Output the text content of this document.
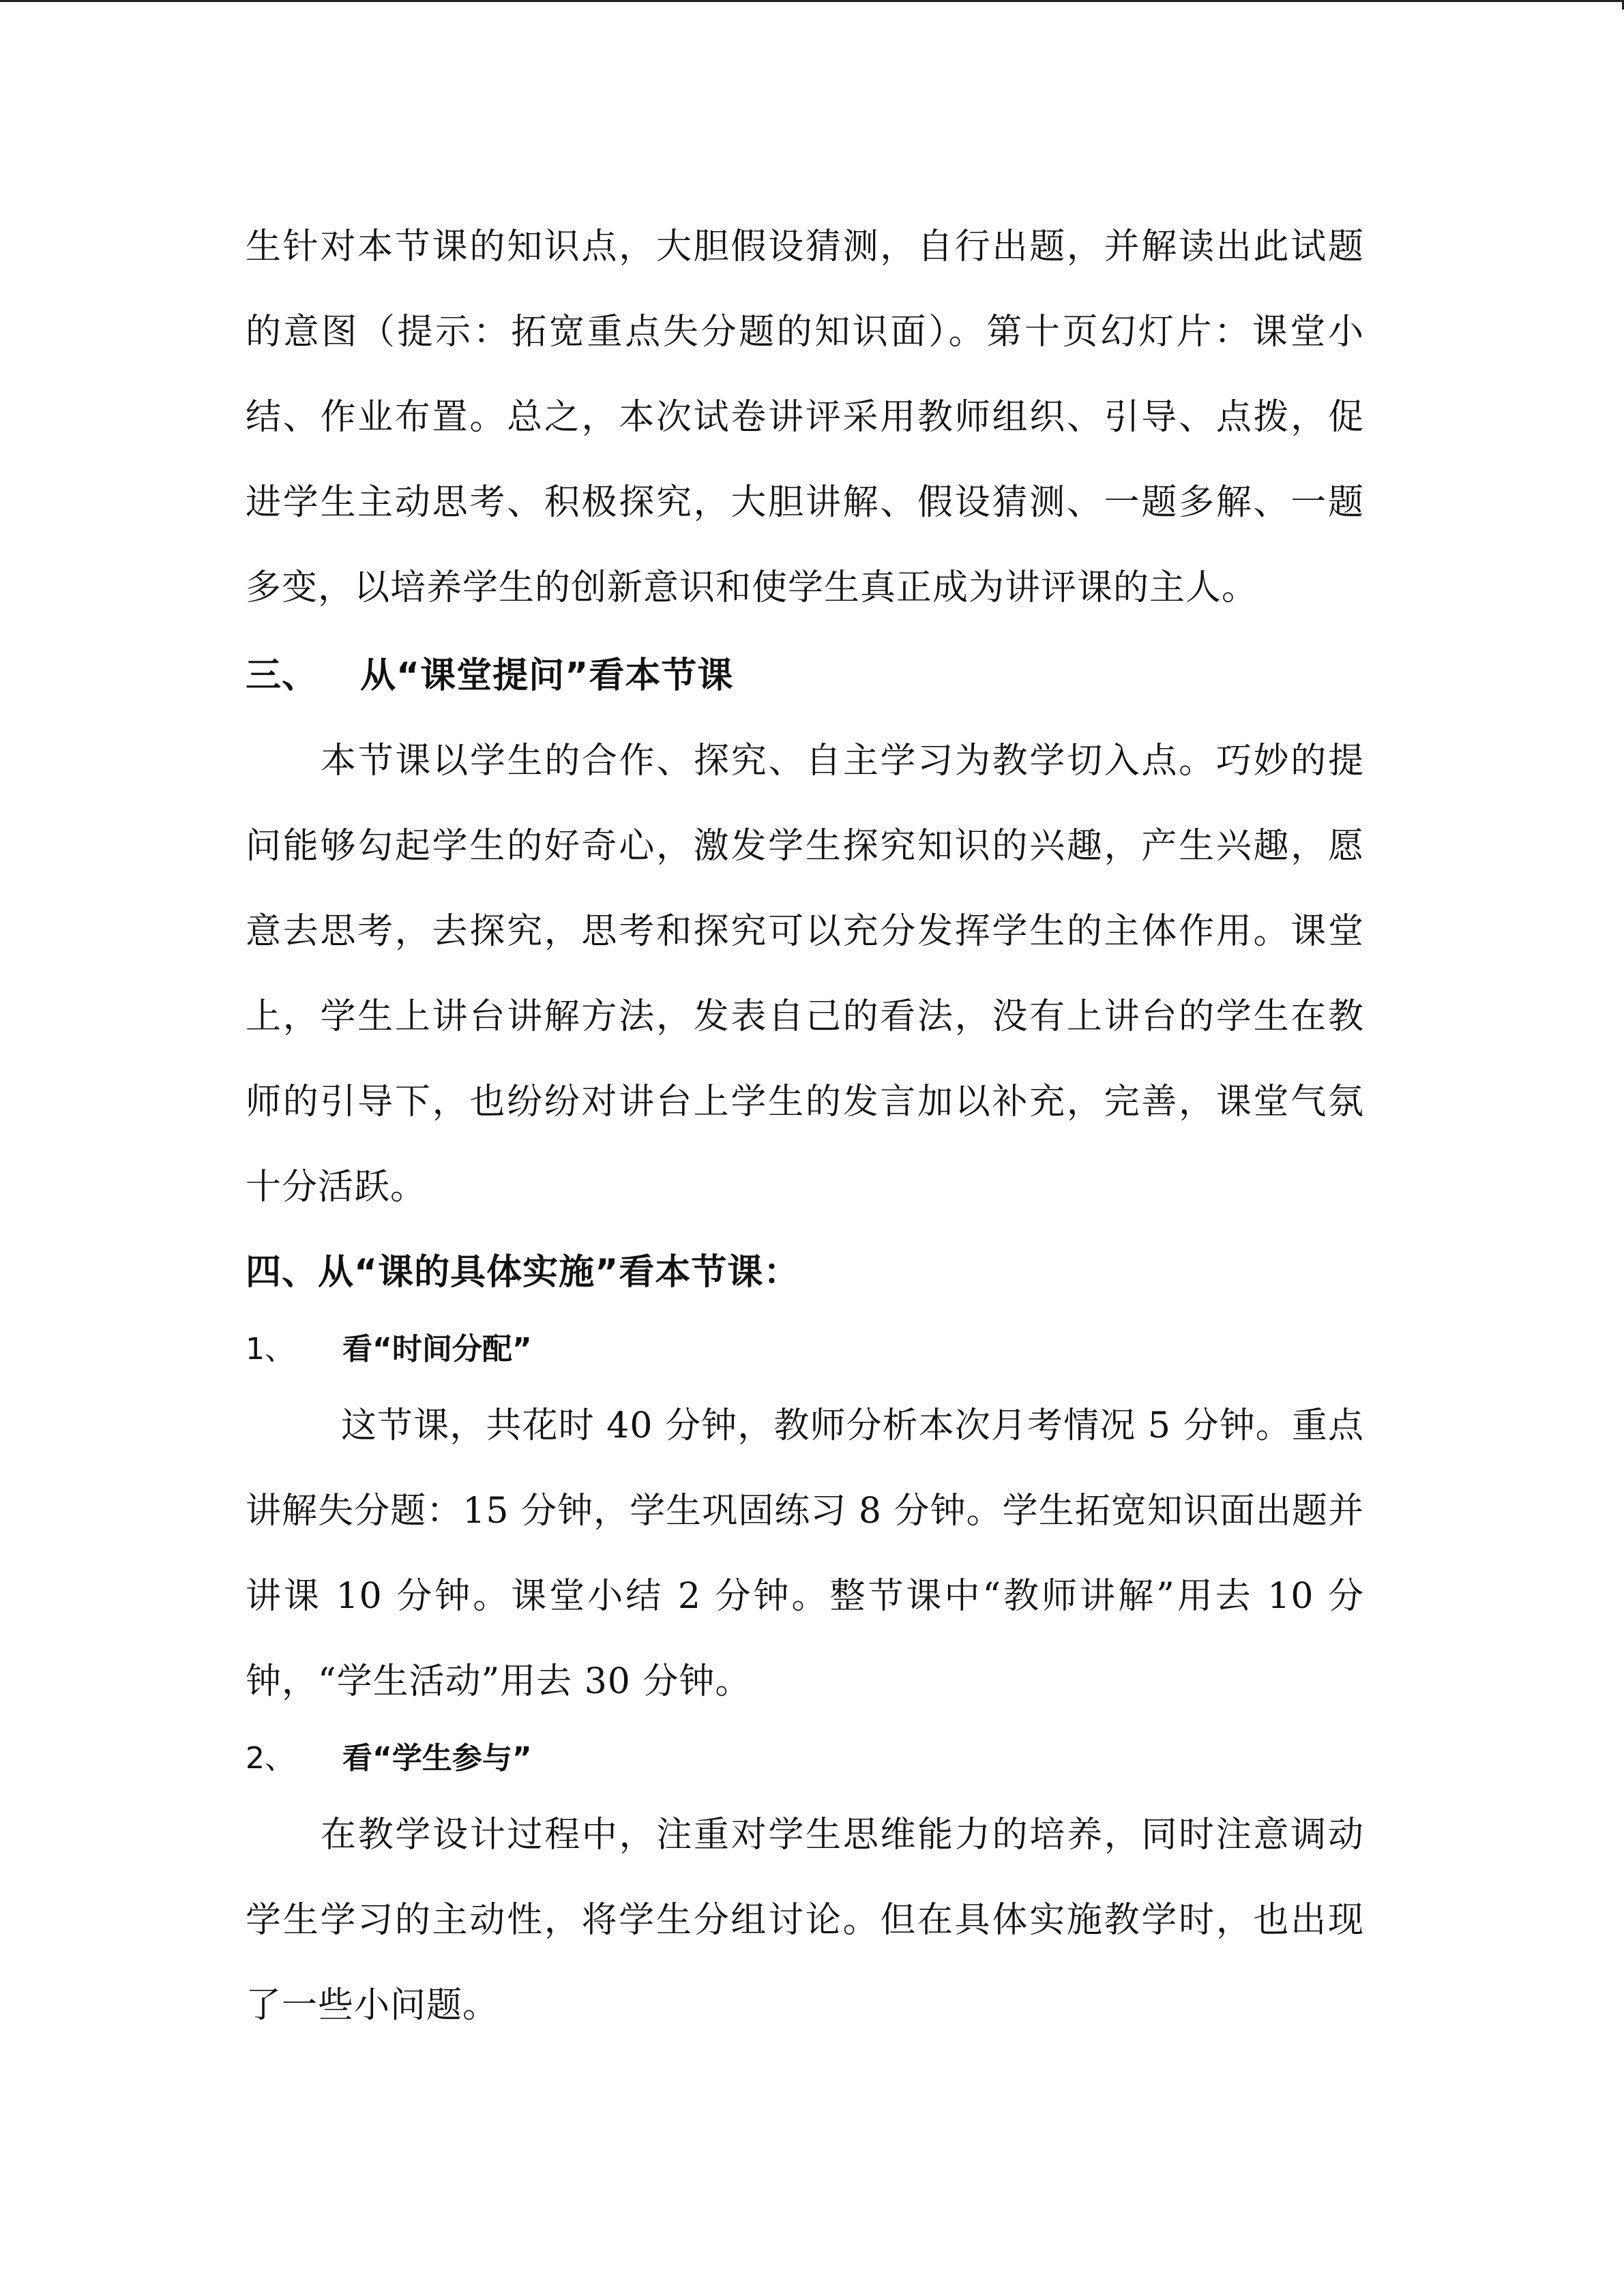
生针对本节课的知识点，大胆假设猜测，自行出题，并解读出此试题的意图（提示：拓宽重点失分题的知识面）。第十页幻灯片：课堂小结、作业布置。总之，本次试卷讲评采用教师组织、引导、点拨，促进学生主动思考、积极探究，大胆讲解、假设猜测、一题多解、一题多变，以培养学生的创新意识和使学生真正成为讲评课的主人。

三、 从“课堂提问”看本节课

本节课以学生的合作、探究、自主学习为教学切入点。巧妙的提问能够勾起学生的好奇心，激发学生探究知识的兴趣，产生兴趣，愿意去思考，去探究，思考和探究可以充分发挥学生的主体作用。课堂上，学生上讲台讲解方法，发表自己的看法，没有上讲台的学生在教师的引导下，也纷纷对讲台上学生的发言加以补充，完善，课堂气氛十分活跃。

四、从“课的具体实施”看本节课：

1、 看“时间分配”

这节课，共花时 40 分钟，教师分析本次月考情况 5 分钟。重点讲解失分题：15 分钟，学生巩固练习 8 分钟。学生拓宽知识面出题并讲课 10 分钟。课堂小结 2 分钟。整节课中“教师讲解”用去 10 分钟，“学生活动”用去 30 分钟。

2、 看“学生参与”

在教学设计过程中，注重对学生思维能力的培养，同时注意调动学生学习的主动性，将学生分组讨论。但在具体实施教学时，也出现了一些小问题。
